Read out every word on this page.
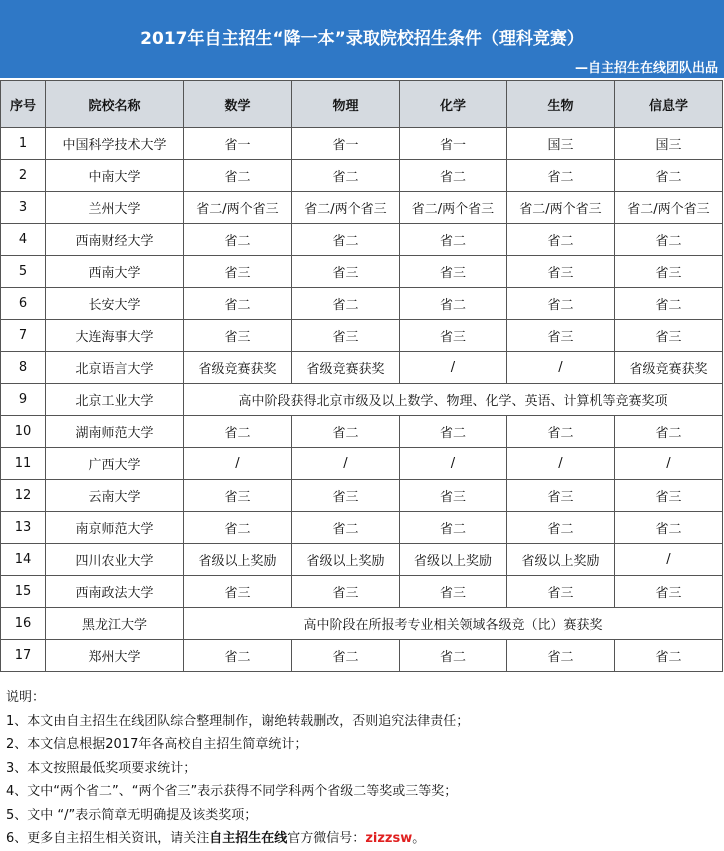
2017年自主招生“降一本”录取院校招生条件（理科竞赛）
—自主招生在线团队出品
序号	院校名称	数学	物理	化学	生物	信息学
1	中国科学技术大学	省一	省一	省一	国三	国三
2	中南大学	省二	省二	省二	省二	省二
3	兰州大学	省二/两个省三	省二/两个省三	省二/两个省三	省二/两个省三	省二/两个省三
4	西南财经大学	省二	省二	省二	省二	省二
5	西南大学	省三	省三	省三	省三	省三
6	长安大学	省二	省二	省二	省二	省二
7	大连海事大学	省三	省三	省三	省三	省三
8	北京语言大学	省级竞赛获奖	省级竞赛获奖	/	/	省级竞赛获奖
9	北京工业大学	高中阶段获得北京市级及以上数学、物理、化学、英语、计算机等竞赛奖项				
10	湖南师范大学	省二	省二	省二	省二	省二
11	广西大学	/	/	/	/	/
12	云南大学	省三	省三	省三	省三	省三
13	南京师范大学	省二	省二	省二	省二	省二
14	四川农业大学	省级以上奖励	省级以上奖励	省级以上奖励	省级以上奖励	/
15	西南政法大学	省三	省三	省三	省三	省三
16	黑龙江大学	高中阶段在所报考专业相关领域各级竞（比）赛获奖				
17	郑州大学	省二	省二	省二	省二	省二
说明：
1、本文由自主招生在线团队综合整理制作，谢绝转载删改，否则追究法律责任；
2、本文信息根据2017年各高校自主招生简章统计；
3、本文按照最低奖项要求统计；
4、文中“两个省二”、“两个省三”表示获得不同学科两个省级二等奖或三等奖；
5、文中 “/”表示简章无明确提及该类奖项；
6、更多自主招生相关资讯，请关注自主招生在线官方微信号：zizzsw。
